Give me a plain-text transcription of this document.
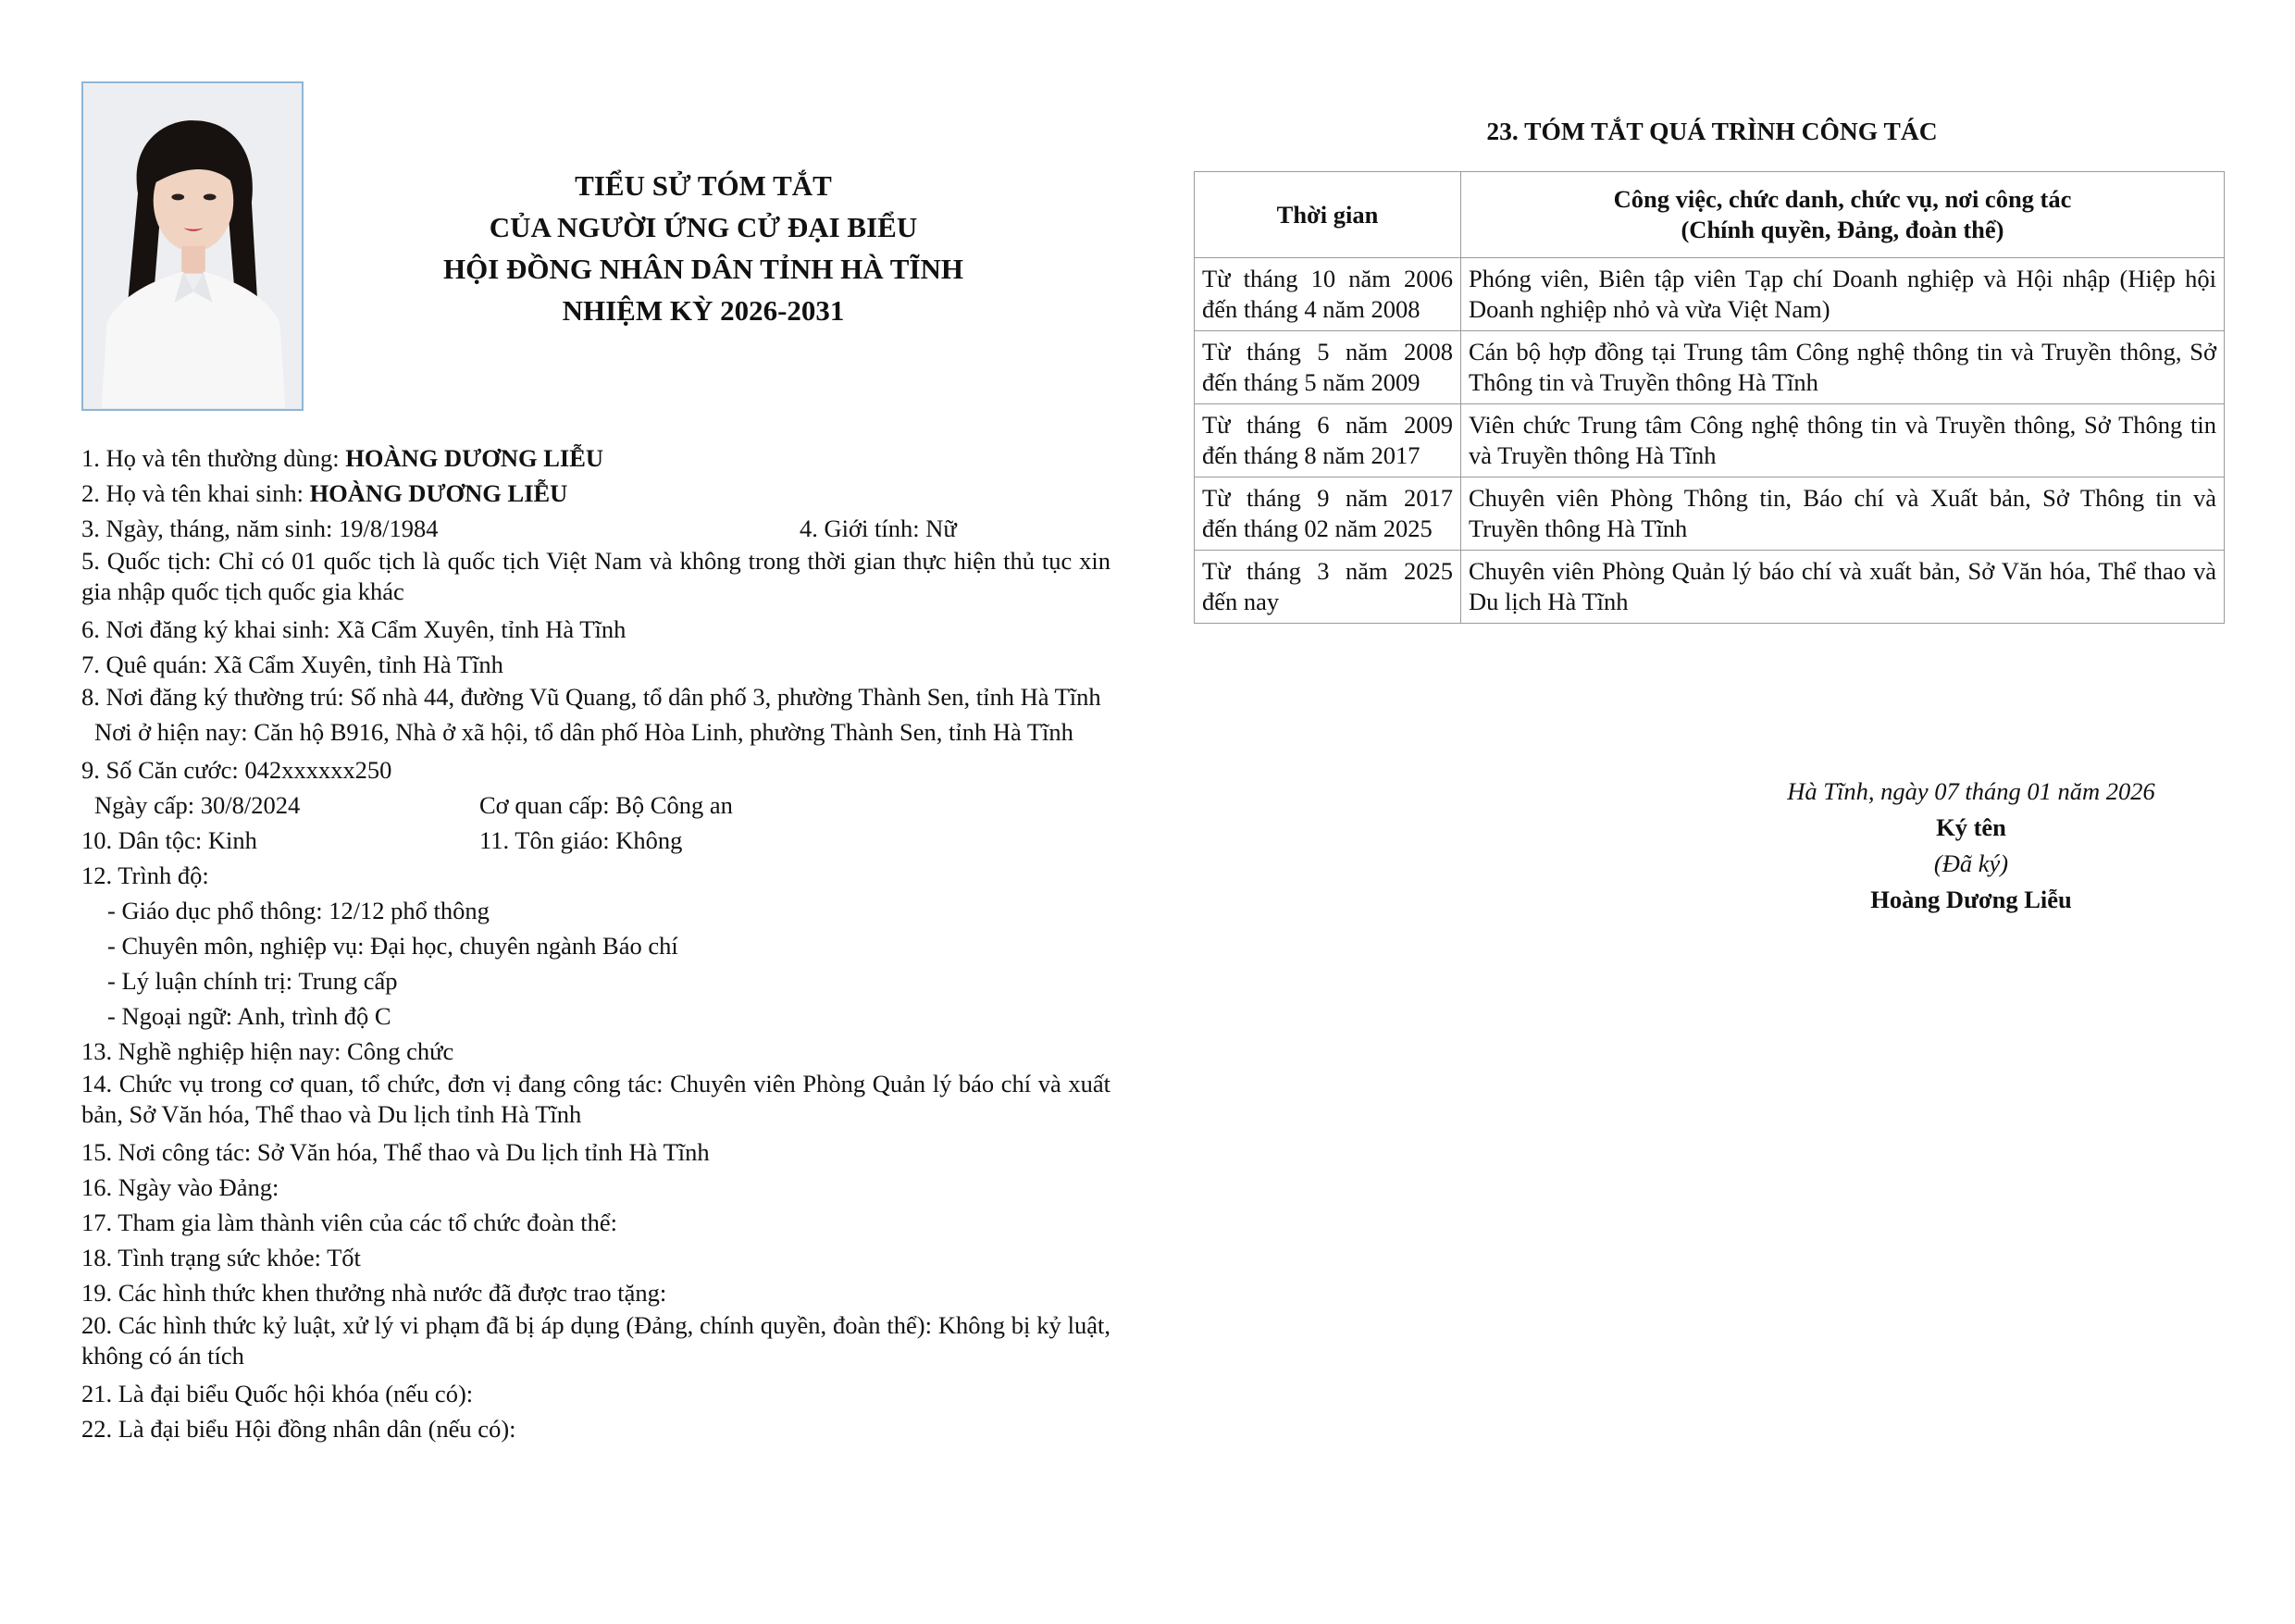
TIỂU SỬ TÓM TẮT
CỦA NGƯỜI ỨNG CỬ ĐẠI BIỂU
HỘI ĐỒNG NHÂN DÂN TỈNH HÀ TĨNH
NHIỆM KỲ 2026-2031
1. Họ và tên thường dùng: HOÀNG DƯƠNG LIỄU
2. Họ và tên khai sinh: HOÀNG DƯƠNG LIỄU
3. Ngày, tháng, năm sinh: 19/8/1984	4. Giới tính: Nữ
5. Quốc tịch: Chỉ có 01 quốc tịch là quốc tịch Việt Nam và không trong thời gian thực hiện thủ tục xin gia nhập quốc tịch quốc gia khác
6. Nơi đăng ký khai sinh: Xã Cẩm Xuyên, tỉnh Hà Tĩnh
7. Quê quán: Xã Cẩm Xuyên, tỉnh Hà Tĩnh
8. Nơi đăng ký thường trú: Số nhà 44, đường Vũ Quang, tổ dân phố 3, phường Thành Sen, tỉnh Hà Tĩnh
Nơi ở hiện nay: Căn hộ B916, Nhà ở xã hội, tổ dân phố Hòa Linh, phường Thành Sen, tỉnh Hà Tĩnh
9. Số Căn cước: 042xxxxxx250
Ngày cấp: 30/8/2024	Cơ quan cấp: Bộ Công an
10. Dân tộc: Kinh	11. Tôn giáo: Không
12. Trình độ:
- Giáo dục phổ thông: 12/12 phổ thông
- Chuyên môn, nghiệp vụ: Đại học, chuyên ngành Báo chí
- Lý luận chính trị: Trung cấp
- Ngoại ngữ: Anh, trình độ C
13. Nghề nghiệp hiện nay: Công chức
14. Chức vụ trong cơ quan, tổ chức, đơn vị đang công tác: Chuyên viên Phòng Quản lý báo chí và xuất bản, Sở Văn hóa, Thể thao và Du lịch tỉnh Hà Tĩnh
15. Nơi công tác: Sở Văn hóa, Thể thao và Du lịch tỉnh Hà Tĩnh
16. Ngày vào Đảng:
17. Tham gia làm thành viên của các tổ chức đoàn thể:
18. Tình trạng sức khỏe: Tốt
19. Các hình thức khen thưởng nhà nước đã được trao tặng:
20. Các hình thức kỷ luật, xử lý vi phạm đã bị áp dụng (Đảng, chính quyền, đoàn thể): Không bị kỷ luật, không có án tích
21. Là đại biểu Quốc hội khóa (nếu có):
22. Là đại biểu Hội đồng nhân dân (nếu có):
23. TÓM TẮT QUÁ TRÌNH CÔNG TÁC
Thời gian	Công việc, chức danh, chức vụ, nơi công tác
(Chính quyền, Đảng, đoàn thể)

Từ tháng 10 năm 2006 đến tháng 4 năm 2008	Phóng viên, Biên tập viên Tạp chí Doanh nghiệp và Hội nhập (Hiệp hội Doanh nghiệp nhỏ và vừa Việt Nam)
Từ tháng 5 năm 2008 đến tháng 5 năm 2009	Cán bộ hợp đồng tại Trung tâm Công nghệ thông tin và Truyền thông, Sở Thông tin và Truyền thông Hà Tĩnh
Từ tháng 6 năm 2009 đến tháng 8 năm 2017	Viên chức Trung tâm Công nghệ thông tin và Truyền thông, Sở Thông tin và Truyền thông Hà Tĩnh
Từ tháng 9 năm 2017 đến tháng 02 năm 2025	Chuyên viên Phòng Thông tin, Báo chí và Xuất bản, Sở Thông tin và Truyền thông Hà Tĩnh
Từ tháng 3 năm 2025 đến nay	Chuyên viên Phòng Quản lý báo chí và xuất bản, Sở Văn hóa, Thể thao và Du lịch Hà Tĩnh
Hà Tĩnh, ngày 07 tháng 01 năm 2026
Ký tên
(Đã ký)
Hoàng Dương Liễu
